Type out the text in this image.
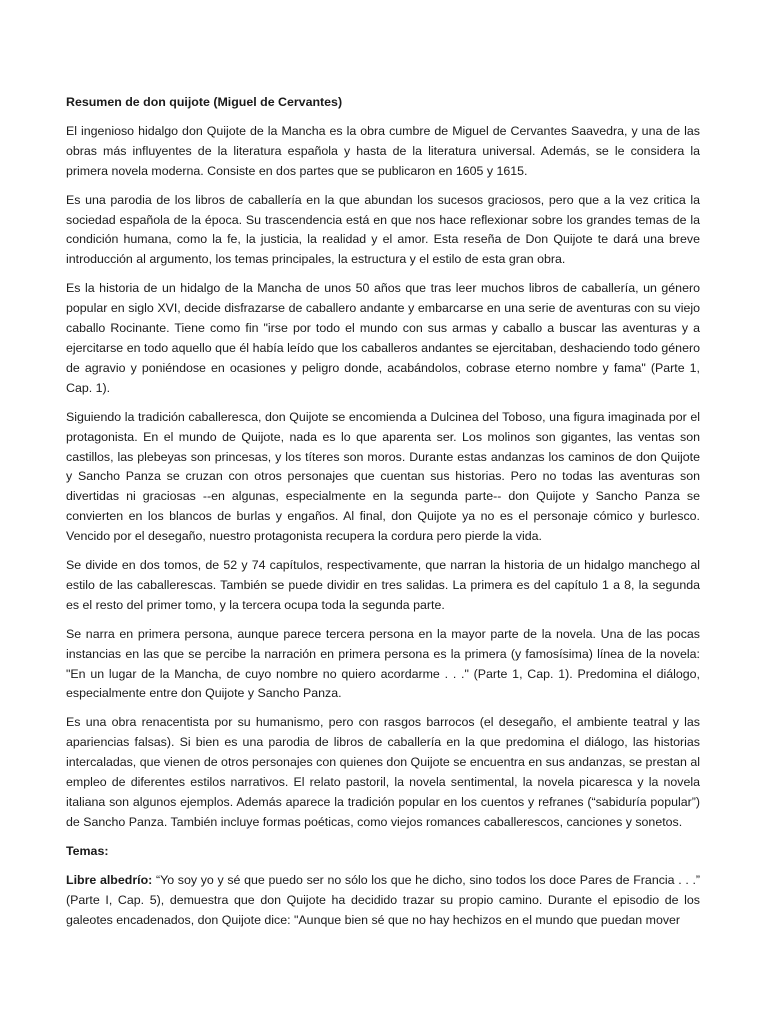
Resumen de don quijote (Miguel de Cervantes)

El ingenioso hidalgo don Quijote de la Mancha es la obra cumbre de Miguel de Cervantes Saavedra, y una de las obras más influyentes de la literatura española y hasta de la literatura universal. Además, se le considera la primera novela moderna. Consiste en dos partes que se publicaron en 1605 y 1615.

Es una parodia de los libros de caballería en la que abundan los sucesos graciosos, pero que a la vez critica la sociedad española de la época. Su trascendencia está en que nos hace reflexionar sobre los grandes temas de la condición humana, como la fe, la justicia, la realidad y el amor. Esta reseña de Don Quijote te dará una breve introducción al argumento, los temas principales, la estructura y el estilo de esta gran obra.

Es la historia de un hidalgo de la Mancha de unos 50 años que tras leer muchos libros de caballería, un género popular en siglo XVI, decide disfrazarse de caballero andante y embarcarse en una serie de aventuras con su viejo caballo Rocinante. Tiene como fin "irse por todo el mundo con sus armas y caballo a buscar las aventuras y a ejercitarse en todo aquello que él había leído que los caballeros andantes se ejercitaban, deshaciendo todo género de agravio y poniéndose en ocasiones y peligro donde, acabándolos, cobrase eterno nombre y fama" (Parte 1, Cap. 1).

Siguiendo la tradición caballeresca, don Quijote se encomienda a Dulcinea del Toboso, una figura imaginada por el protagonista. En el mundo de Quijote, nada es lo que aparenta ser. Los molinos son gigantes, las ventas son castillos, las plebeyas son princesas, y los títeres son moros. Durante estas andanzas los caminos de don Quijote y Sancho Panza se cruzan con otros personajes que cuentan sus historias. Pero no todas las aventuras son divertidas ni graciosas --en algunas, especialmente en la segunda parte-- don Quijote y Sancho Panza se convierten en los blancos de burlas y engaños. Al final, don Quijote ya no es el personaje cómico y burlesco. Vencido por el desegaño, nuestro protagonista recupera la cordura pero pierde la vida.

Se divide en dos tomos, de 52 y 74 capítulos, respectivamente, que narran la historia de un hidalgo manchego al estilo de las caballerescas. También se puede dividir en tres salidas. La primera es del capítulo 1 a 8, la segunda es el resto del primer tomo, y la tercera ocupa toda la segunda parte.

Se narra en primera persona, aunque parece tercera persona en la mayor parte de la novela. Una de las pocas instancias en las que se percibe la narración en primera persona es la primera (y famosísima) línea de la novela: "En un lugar de la Mancha, de cuyo nombre no quiero acordarme . . ." (Parte 1, Cap. 1). Predomina el diálogo, especialmente entre don Quijote y Sancho Panza.

Es una obra renacentista por su humanismo, pero con rasgos barrocos (el desegaño, el ambiente teatral y las apariencias falsas). Si bien es una parodia de libros de caballería en la que predomina el diálogo, las historias intercaladas, que vienen de otros personajes con quienes don Quijote se encuentra en sus andanzas, se prestan al empleo de diferentes estilos narrativos. El relato pastoril, la novela sentimental, la novela picaresca y la novela italiana son algunos ejemplos. Además aparece la tradición popular en los cuentos y refranes (“sabiduría popular”) de Sancho Panza. También incluye formas poéticas, como viejos romances caballerescos, canciones y sonetos.

Temas:

Libre albedrío: “Yo soy yo y sé que puedo ser no sólo los que he dicho, sino todos los doce Pares de Francia . . .” (Parte I, Cap. 5), demuestra que don Quijote ha decidido trazar su propio camino. Durante el episodio de los galeotes encadenados, don Quijote dice: "Aunque bien sé que no hay hechizos en el mundo que puedan mover
